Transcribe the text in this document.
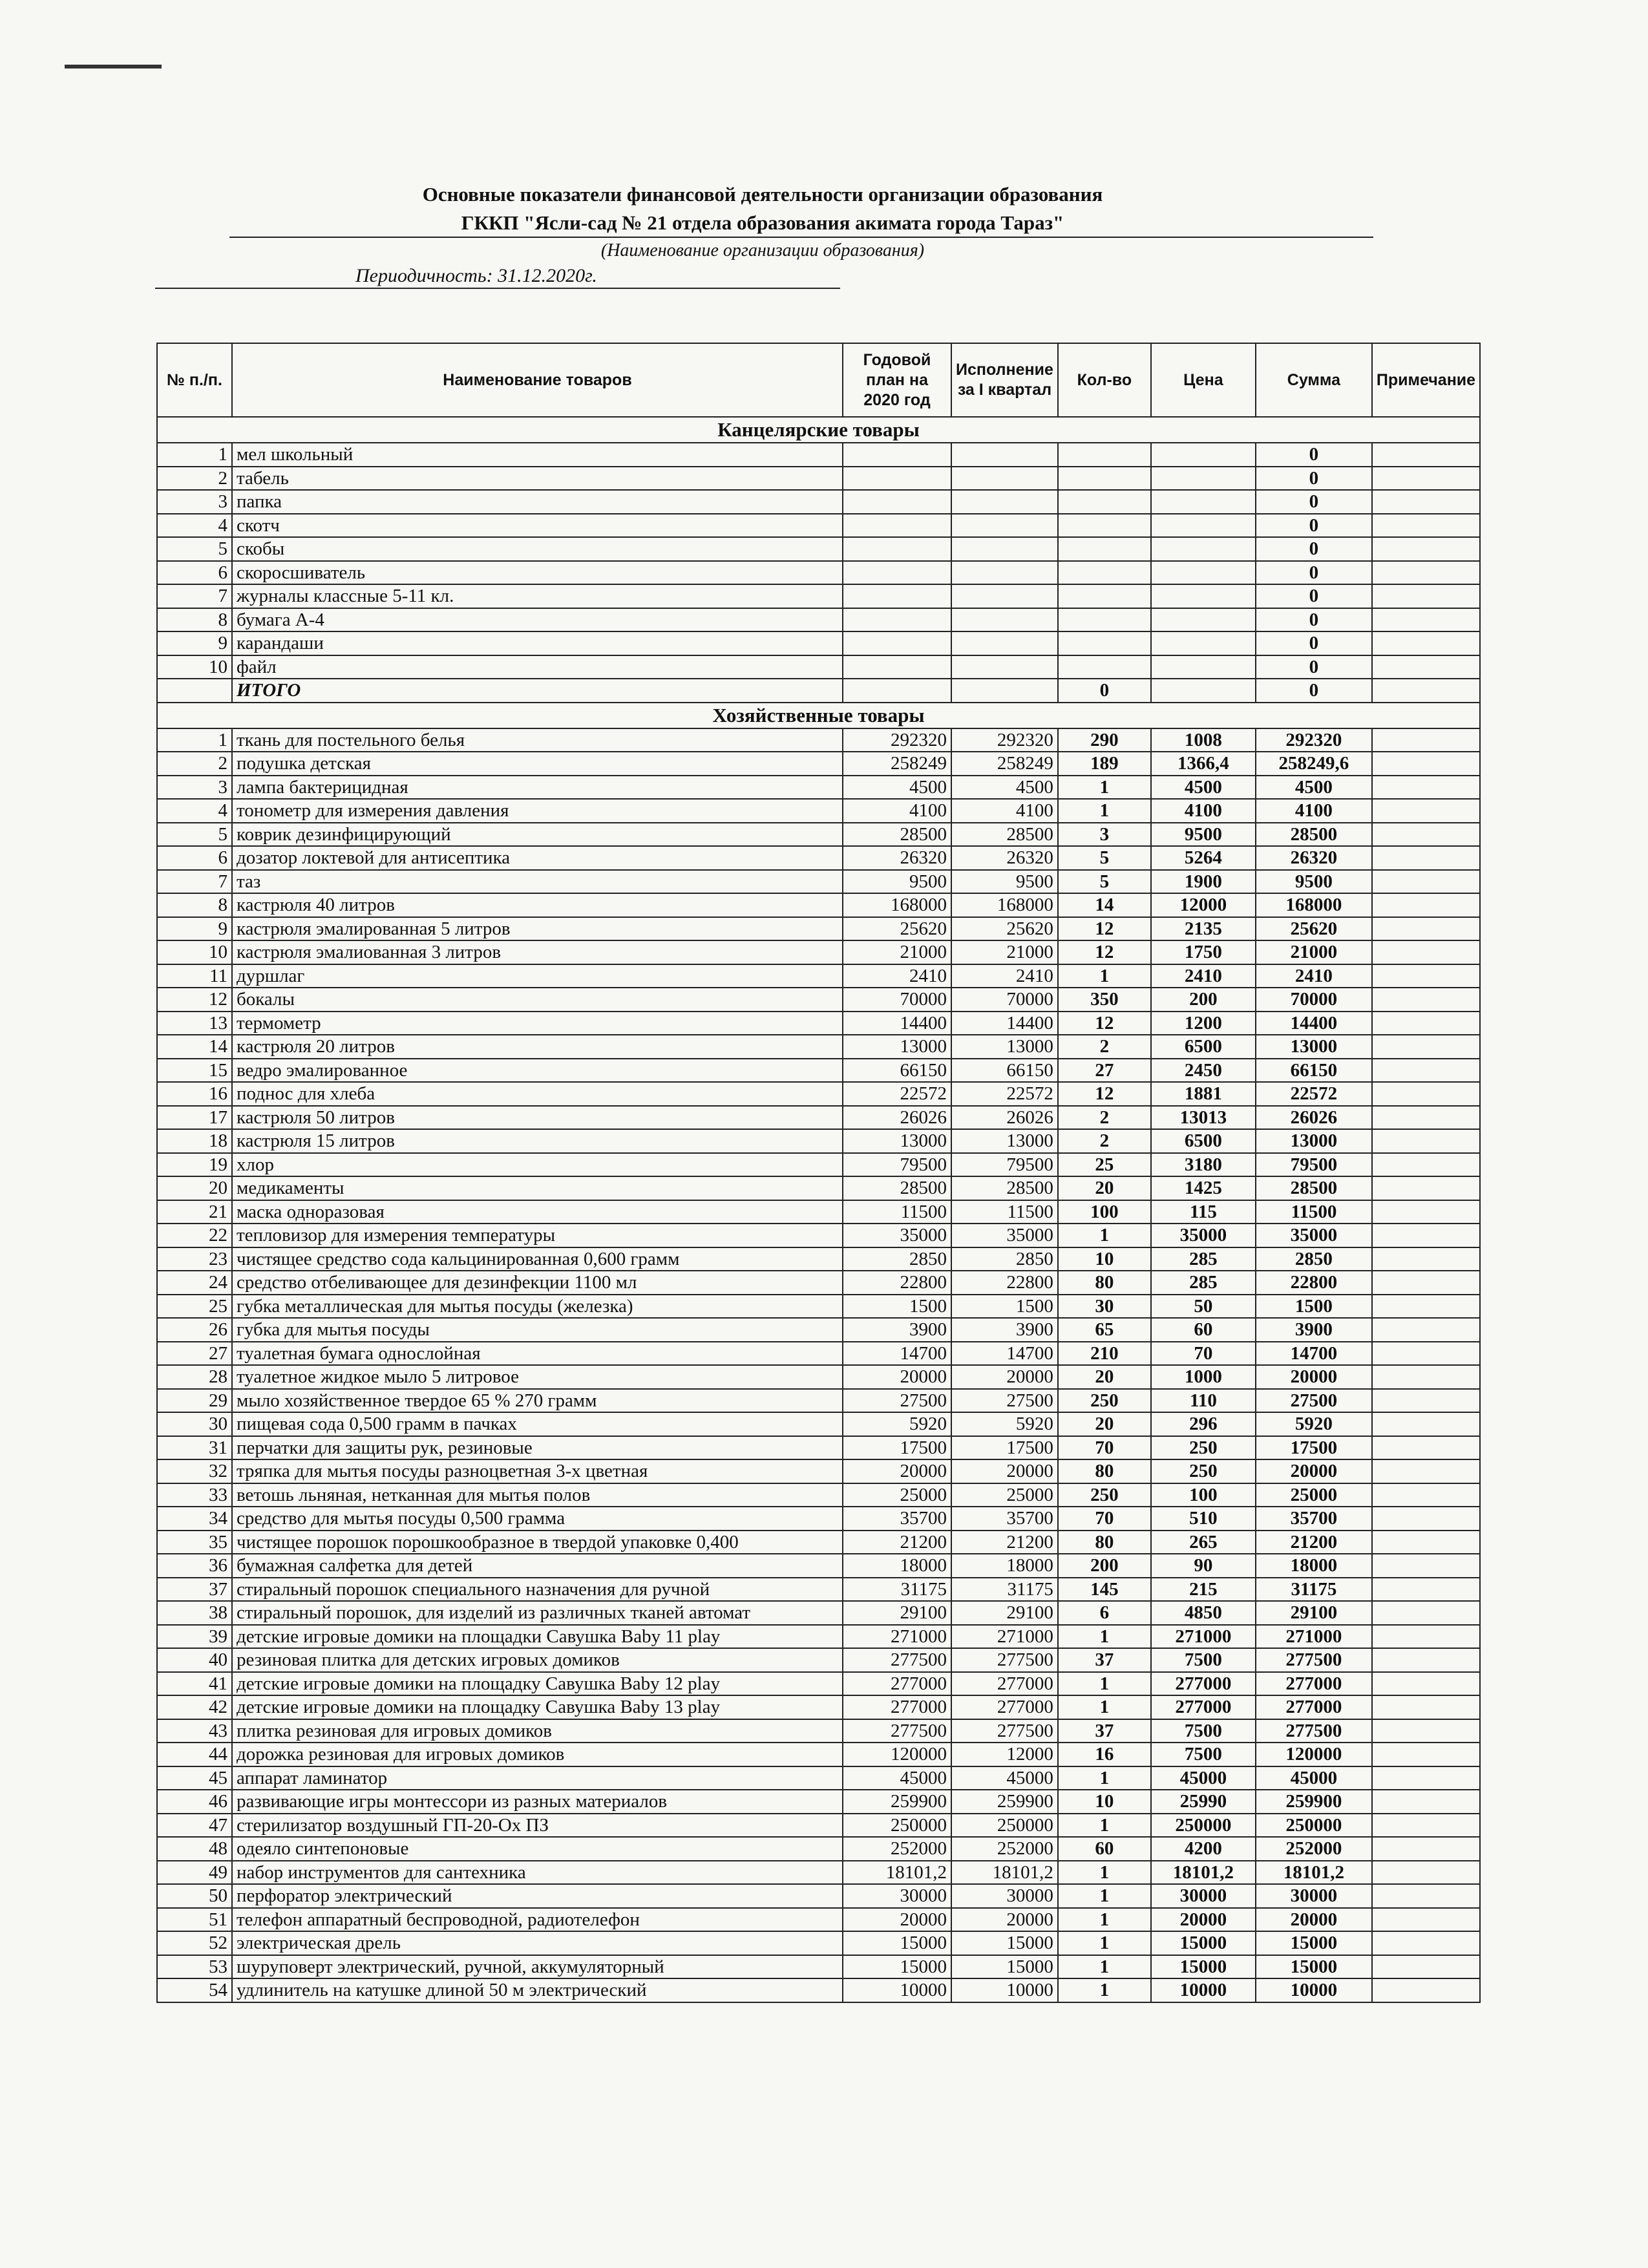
Основные показатели финансовой деятельности организации образования
ГККП "Ясли-сад № 21 отдела образования акимата города Тараз"
(Наименование организации образования)
Периодичность: 31.12.2020г.
№ п./п.	Наименование товаров	Годовой план на 2020 год	Исполнение за I квартал	Кол-во	Цена	Сумма	Примечание
Канцелярские товары							
1	мел школьный					0	
2	табель					0	
3	папка					0	
4	скотч					0	
5	скобы					0	
6	скоросшиватель					0	
7	журналы классные 5-11 кл.					0	
8	бумага А-4					0	
9	карандаши					0	
10	файл					0	
	ИТОГО			0		0	
Хозяйственные товары							
1	ткань для постельного белья	292320	292320	290	1008	292320	
2	подушка детская	258249	258249	189	1366,4	258249,6	
3	лампа бактерицидная	4500	4500	1	4500	4500	
4	тонометр для измерения давления	4100	4100	1	4100	4100	
5	коврик дезинфицирующий	28500	28500	3	9500	28500	
6	дозатор локтевой для антисептика	26320	26320	5	5264	26320	
7	таз	9500	9500	5	1900	9500	
8	кастрюля 40 литров	168000	168000	14	12000	168000	
9	кастрюля эмалированная 5 литров	25620	25620	12	2135	25620	
10	кастрюля эмалиованная 3 литров	21000	21000	12	1750	21000	
11	дуршлаг	2410	2410	1	2410	2410	
12	бокалы	70000	70000	350	200	70000	
13	термометр	14400	14400	12	1200	14400	
14	кастрюля 20 литров	13000	13000	2	6500	13000	
15	ведро эмалированное	66150	66150	27	2450	66150	
16	поднос для хлеба	22572	22572	12	1881	22572	
17	кастрюля 50 литров	26026	26026	2	13013	26026	
18	кастрюля 15 литров	13000	13000	2	6500	13000	
19	хлор	79500	79500	25	3180	79500	
20	медикаменты	28500	28500	20	1425	28500	
21	маска одноразовая	11500	11500	100	115	11500	
22	тепловизор для измерения температуры	35000	35000	1	35000	35000	
23	чистящее средство сода кальцинированная 0,600 грамм	2850	2850	10	285	2850	
24	средство отбеливающее для дезинфекции 1100 мл	22800	22800	80	285	22800	
25	губка металлическая для мытья посуды (железка)	1500	1500	30	50	1500	
26	губка для мытья посуды	3900	3900	65	60	3900	
27	туалетная бумага однослойная	14700	14700	210	70	14700	
28	туалетное жидкое мыло 5 литровое	20000	20000	20	1000	20000	
29	мыло хозяйственное твердое 65 % 270 грамм	27500	27500	250	110	27500	
30	пищевая сода 0,500 грамм в пачках	5920	5920	20	296	5920	
31	перчатки для защиты рук, резиновые	17500	17500	70	250	17500	
32	тряпка для мытья посуды разноцветная 3-х цветная	20000	20000	80	250	20000	
33	ветошь льняная, нетканная для мытья полов	25000	25000	250	100	25000	
34	средство для мытья посуды 0,500 грамма	35700	35700	70	510	35700	
35	чистящее порошок порошкообразное в твердой упаковке 0,400	21200	21200	80	265	21200	
36	бумажная салфетка для детей	18000	18000	200	90	18000	
37	стиральный порошок специального назначения для ручной	31175	31175	145	215	31175	
38	стиральный порошок, для изделий из различных тканей автомат	29100	29100	6	4850	29100	
39	детские игровые домики на площадки Савушка Baby 11 play	271000	271000	1	271000	271000	
40	резиновая плитка для детских игровых домиков	277500	277500	37	7500	277500	
41	детские игровые домики на площадку Савушка Baby 12 play	277000	277000	1	277000	277000	
42	детские игровые домики на площадку Савушка Baby 13 play	277000	277000	1	277000	277000	
43	плитка резиновая для игровых домиков	277500	277500	37	7500	277500	
44	дорожка резиновая для игровых домиков	120000	12000	16	7500	120000	
45	аппарат ламинатор	45000	45000	1	45000	45000	
46	развивающие игры монтессори из разных материалов	259900	259900	10	25990	259900	
47	стерилизатор воздушный ГП-20-Ох ПЗ	250000	250000	1	250000	250000	
48	одеяло синтепоновые	252000	252000	60	4200	252000	
49	набор инструментов для сантехника	18101,2	18101,2	1	18101,2	18101,2	
50	перфоратор электрический	30000	30000	1	30000	30000	
51	телефон аппаратный беспроводной, радиотелефон	20000	20000	1	20000	20000	
52	электрическая дрель	15000	15000	1	15000	15000	
53	шуруповерт электрический, ручной, аккумуляторный	15000	15000	1	15000	15000	
54	удлинитель на катушке длиной 50 м электрический	10000	10000	1	10000	10000	
